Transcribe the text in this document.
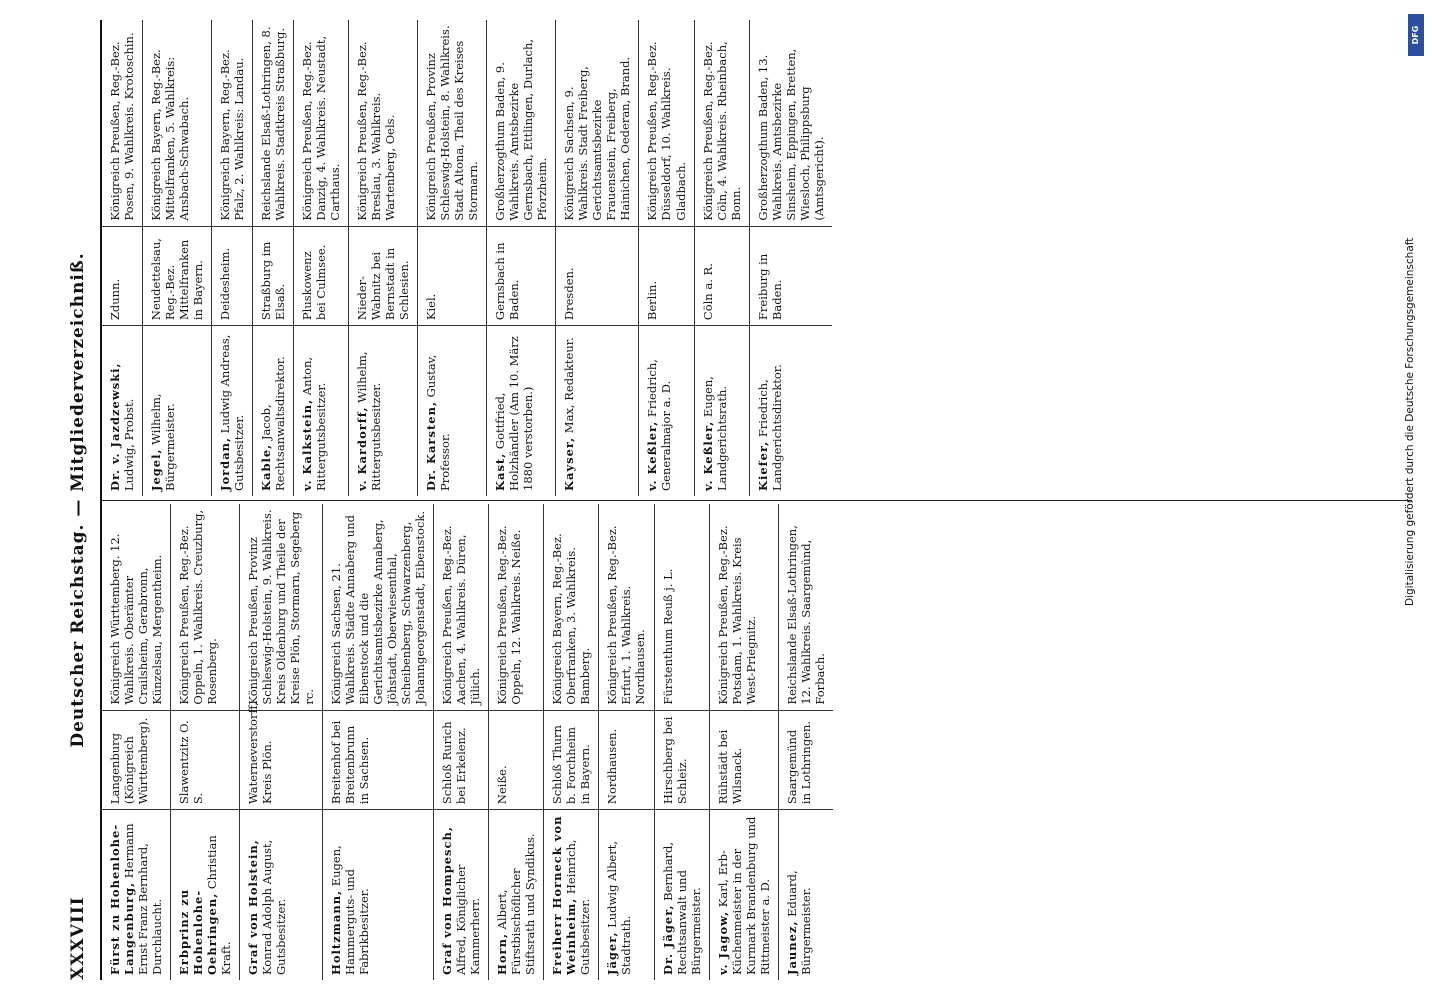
XXXVIII
Deutscher Reichstag. — Mitgliederverzeichniß.
Fürst zu Hohenlohe-Langenburg, Hermann Ernst Franz Bernhard, Durchlaucht.	Langenburg (Königreich Württemberg).	Königreich Württemberg. 12. Wahlkreis. Oberämter Crailsheim, Gerabronn, Künzelsau, Mergentheim.
Erbprinz zu Hohenlohe-Oehringen, Christian Kraft.	Slawentzitz O. S.	Königreich Preußen, Reg.-Bez. Oppeln, 1. Wahlkreis. Creuzburg, Rosenberg.
Graf von Holstein, Konrad Adolph August, Gutsbesitzer.	Waterneverstorff, Kreis Plön.	Königreich Preußen, Provinz Schleswig-Holstein, 9. Wahlkreis. Kreis Oldenburg und Theile der Kreise Plön, Stormarn, Segeberg rc.
Holtzmann, Eugen, Hammerguts- und Fabrikbesitzer.	Breitenhof bei Breitenbrunn in Sachsen.	Königreich Sachsen, 21. Wahlkreis. Städte Annaberg und Eibenstock und die Gerichtsamtsbezirke Annaberg, Jöhstadt, Oberwiesenthal, Scheibenberg, Schwarzenberg, Johanngeorgenstadt, Eibenstock.
Graf von Hompesch, Alfred, Königlicher Kammerherr.	Schloß Rurich bei Erkelenz.	Königreich Preußen, Reg.-Bez. Aachen, 4. Wahlkreis. Düren, Jülich.
Horn, Albert, Fürstbischöflicher Stiftsrath und Syndikus.	Neiße.	Königreich Preußen, Reg.-Bez. Oppeln, 12. Wahlkreis. Neiße.
Freiherr Horneck von Weinheim, Heinrich, Gutsbesitzer.	Schloß Thurn b. Forchheim in Bayern.	Königreich Bayern, Reg.-Bez. Oberfranken, 3. Wahlkreis. Bamberg.
Jäger, Ludwig Albert, Stadtrath.	Nordhausen.	Königreich Preußen, Reg.-Bez. Erfurt, 1. Wahlkreis. Nordhausen.
Dr. Jäger, Bernhard, Rechtsanwalt und Bürgermeister.	Hirschberg bei Schleiz.	Fürstenthum Reuß j. L.
v. Jagow, Karl, Erb-Küchenmeister in der Kurmark Brandenburg und Rittmeister a. D.	Rühstädt bei Wilsnack.	Königreich Preußen, Reg.-Bez. Potsdam, 1. Wahlkreis. Kreis West-Priegnitz.
Jaunez, Eduard, Bürgermeister.	Saargemünd in Lothringen.	Reichslande Elsaß-Lothringen, 12. Wahlkreis. Saargemünd, Forbach.
Dr. v. Jazdzewski, Ludwig, Probst.	Zdunn.	Königreich Preußen, Reg.-Bez. Posen, 9. Wahlkreis. Krotoschin.
Jegel, Wilhelm, Bürgermeister.	Neudettelsau, Reg.-Bez. Mittelfranken in Bayern.	Königreich Bayern, Reg.-Bez. Mittelfranken, 5. Wahlkreis: Ansbach-Schwabach.
Jordan, Ludwig Andreas, Gutsbesitzer.	Deidesheim.	Königreich Bayern, Reg.-Bez. Pfalz, 2. Wahlkreis: Landau.
Kable, Jacob, Rechtsanwaltsdirektor.	Straßburg im Elsaß.	Reichslande Elsaß-Lothringen, 8. Wahlkreis. Stadtkreis Straßburg.
v. Kalkstein, Anton, Rittergutsbesitzer.	Pluskowenz bei Culmsee.	Königreich Preußen, Reg.-Bez. Danzig, 4. Wahlkreis. Neustadt, Carthaus.
v. Kardorff, Wilhelm, Rittergutsbesitzer.	Nieder-Wabnitz bei Bernstadt in Schlesien.	Königreich Preußen, Reg.-Bez. Breslau, 3. Wahlkreis. Wartenberg, Oels.
Dr. Karsten, Gustav, Professor.	Kiel.	Königreich Preußen, Provinz Schleswig-Holstein, 8. Wahlkreis. Stadt Altona, Theil des Kreises Stormarn.
Kast, Gottfried, Holzhändler (Am 10. März 1880 verstorben.)	Gernsbach in Baden.	Großherzogthum Baden, 9. Wahlkreis. Amtsbezirke Gernsbach, Ettlingen, Durlach, Pforzheim.
Kayser, Max, Redakteur.	Dresden.	Königreich Sachsen, 9. Wahlkreis. Stadt Freiberg, Gerichtsamtsbezirke Frauenstein, Freiberg, Hainichen, Oederan, Brand.
v. Keßler, Friedrich, Generalmajor a. D.	Berlin.	Königreich Preußen, Reg.-Bez. Düsseldorf, 10. Wahlkreis. Gladbach.
v. Keßler, Eugen, Landgerichtsrath.	Cöln a. R.	Königreich Preußen, Reg.-Bez. Cöln, 4. Wahlkreis. Rheinbach, Bonn.
Kiefer, Friedrich, Landgerichtsdirektor.	Freiburg in Baden.	Großherzogthum Baden, 13. Wahlkreis. Amtsbezirke Sinsheim, Eppingen, Bretten, Wiesloch, Philippsburg (Amtsgericht).
Digitalisierung gefördert durch die Deutsche Forschungsgemeinschaft
DFG
